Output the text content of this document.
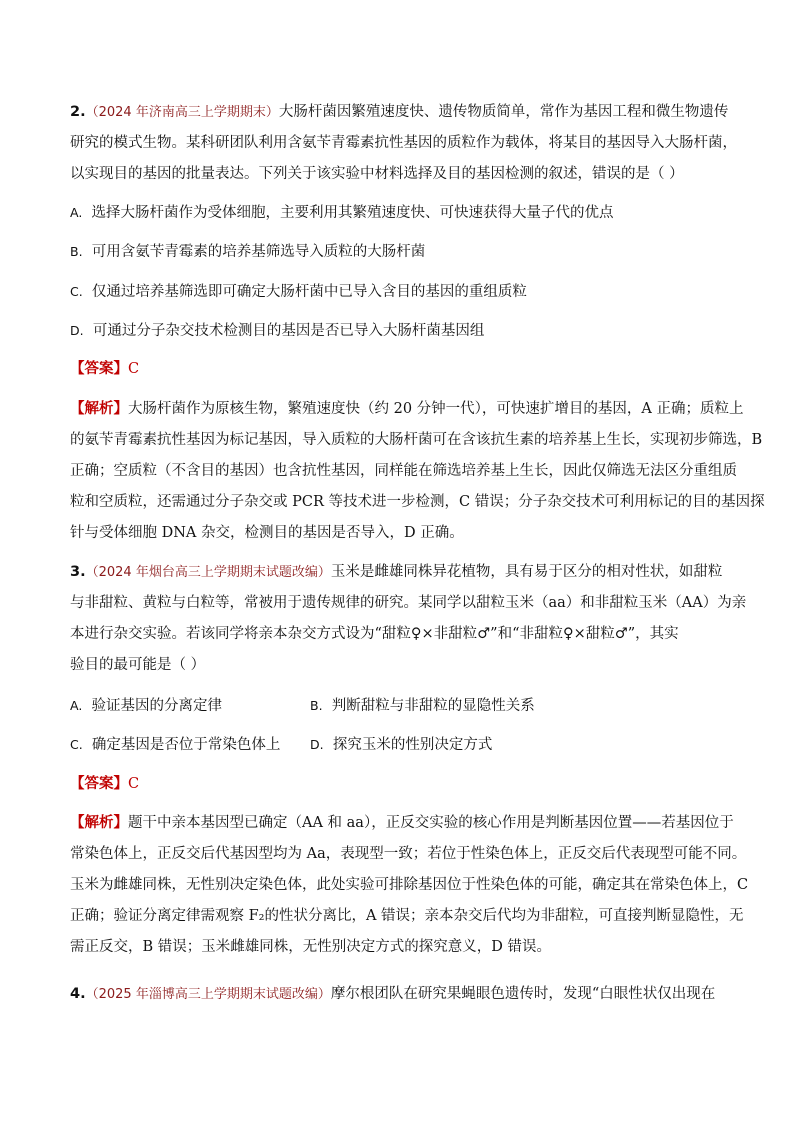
2.（2024 年济南高三上学期期末）大肠杆菌因繁殖速度快、遗传物质简单，常作为基因工程和微生物遗传
研究的模式生物。某科研团队利用含氨苄青霉素抗性基因的质粒作为载体，将某目的基因导入大肠杆菌，
以实现目的基因的批量表达。下列关于该实验中材料选择及目的基因检测的叙述，错误的是（ ）
A. 选择大肠杆菌作为受体细胞，主要利用其繁殖速度快、可快速获得大量子代的优点
B. 可用含氨苄青霉素的培养基筛选导入质粒的大肠杆菌
C. 仅通过培养基筛选即可确定大肠杆菌中已导入含目的基因的重组质粒
D. 可通过分子杂交技术检测目的基因是否已导入大肠杆菌基因组
【答案】C
【解析】大肠杆菌作为原核生物，繁殖速度快（约 20 分钟一代），可快速扩增目的基因，A 正确；质粒上
的氨苄青霉素抗性基因为标记基因，导入质粒的大肠杆菌可在含该抗生素的培养基上生长，实现初步筛选，B
正确；空质粒（不含目的基因）也含抗性基因，同样能在筛选培养基上生长，因此仅筛选无法区分重组质
粒和空质粒，还需通过分子杂交或 PCR 等技术进一步检测，C 错误；分子杂交技术可利用标记的目的基因探
针与受体细胞 DNA 杂交，检测目的基因是否导入，D 正确。
3.（2024 年烟台高三上学期期末试题改编）玉米是雌雄同株异花植物，具有易于区分的相对性状，如甜粒
与非甜粒、黄粒与白粒等，常被用于遗传规律的研究。某同学以甜粒玉米（aa）和非甜粒玉米（AA）为亲
本进行杂交实验。若该同学将亲本杂交方式设为“甜粒♀×非甜粒♂”和“非甜粒♀×甜粒♂”，其实
验目的最可能是（ ）
A. 验证基因的分离定律	B. 判断甜粒与非甜粒的显隐性关系
C. 确定基因是否位于常染色体上 D. 探究玉米的性别决定方式
【答案】C
【解析】题干中亲本基因型已确定（AA 和 aa），正反交实验的核心作用是判断基因位置——若基因位于
常染色体上，正反交后代基因型均为 Aa，表现型一致；若位于性染色体上，正反交后代表现型可能不同。
玉米为雌雄同株，无性别决定染色体，此处实验可排除基因位于性染色体的可能，确定其在常染色体上，C
正确；验证分离定律需观察 F₂的性状分离比，A 错误；亲本杂交后代均为非甜粒，可直接判断显隐性，无
需正反交，B 错误；玉米雌雄同株，无性别决定方式的探究意义，D 错误。
4.（2025 年淄博高三上学期期末试题改编）摩尔根团队在研究果蝇眼色遗传时，发现“白眼性状仅出现在
